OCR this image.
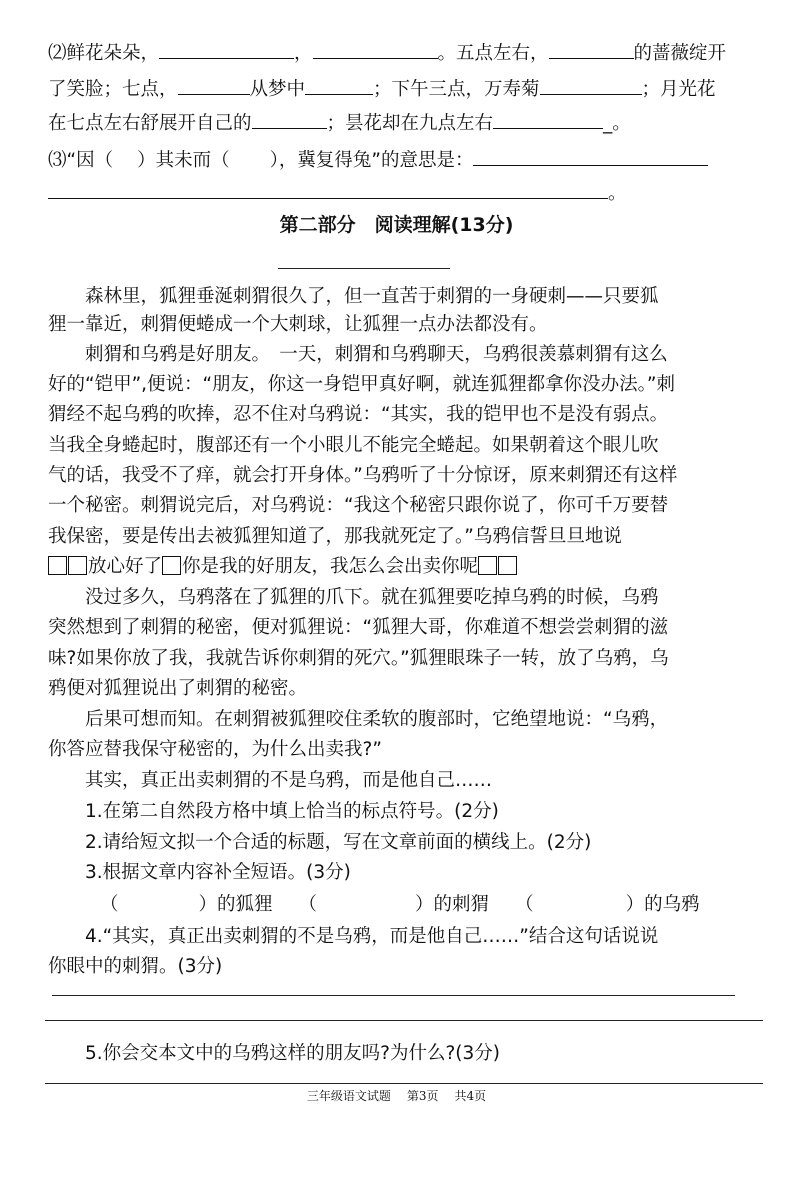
⑵鲜花朵朵，	，	。五点左右，	的蔷薇绽开
了笑脸；七点，	从梦中	；下午三点，万寿菊	；月光花
在七点左右舒展开自己的	；昙花却在九点左右	_。
⑶“因（ ）其未而（ ），冀复得兔”的意思是：
。
第二部分　阅读理解(13分)
森林里，狐狸垂涎刺猬很久了，但一直苦于刺猬的一身硬刺——只要狐
狸一靠近，刺猬便蜷成一个大刺球，让狐狸一点办法都没有。
刺猬和乌鸦是好朋友。　一天，刺猬和乌鸦聊天，乌鸦很羡慕刺猬有这么
好的“铠甲”,便说：“朋友，你这一身铠甲真好啊，就连狐狸都拿你没办法。”刺
猬经不起乌鸦的吹捧，忍不住对乌鸦说：“其实，我的铠甲也不是没有弱点。
当我全身蜷起时，腹部还有一个小眼儿不能完全蜷起。如果朝着这个眼儿吹
气的话，我受不了痒，就会打开身体。”乌鸦听了十分惊讶，原来刺猬还有这样
一个秘密。刺猬说完后，对乌鸦说：“我这个秘密只跟你说了，你可千万要替
我保密，要是传出去被狐狸知道了，那我就死定了。”乌鸦信誓旦旦地说
放心好了 你是我的好朋友，我怎么会出卖你呢
没过多久，乌鸦落在了狐狸的爪下。就在狐狸要吃掉乌鸦的时候，乌鸦
突然想到了刺猬的秘密，便对狐狸说：“狐狸大哥，你难道不想尝尝刺猬的滋
味?如果你放了我，我就告诉你刺猬的死穴。”狐狸眼珠子一转，放了乌鸦，乌
鸦便对狐狸说出了刺猬的秘密。
后果可想而知。在刺猬被狐狸咬住柔软的腹部时，它绝望地说：“乌鸦，
你答应替我保守秘密的，为什么出卖我?”
其实，真正出卖刺猬的不是乌鸦，而是他自己……
1.在第二自然段方格中填上恰当的标点符号。(2分)
2.请给短文拟一个合适的标题，写在文章前面的横线上。(2分)
3.根据文章内容补全短语。(3分)
（	）的狐狸 （	）的刺猬 （	）的乌鸦
4.“其实，真正出卖刺猬的不是乌鸦，而是他自己……”结合这句话说说
你眼中的刺猬。(3分)
5.你会交本文中的乌鸦这样的朋友吗?为什么?(3分)
三年级语文试题 第3页 共4页
